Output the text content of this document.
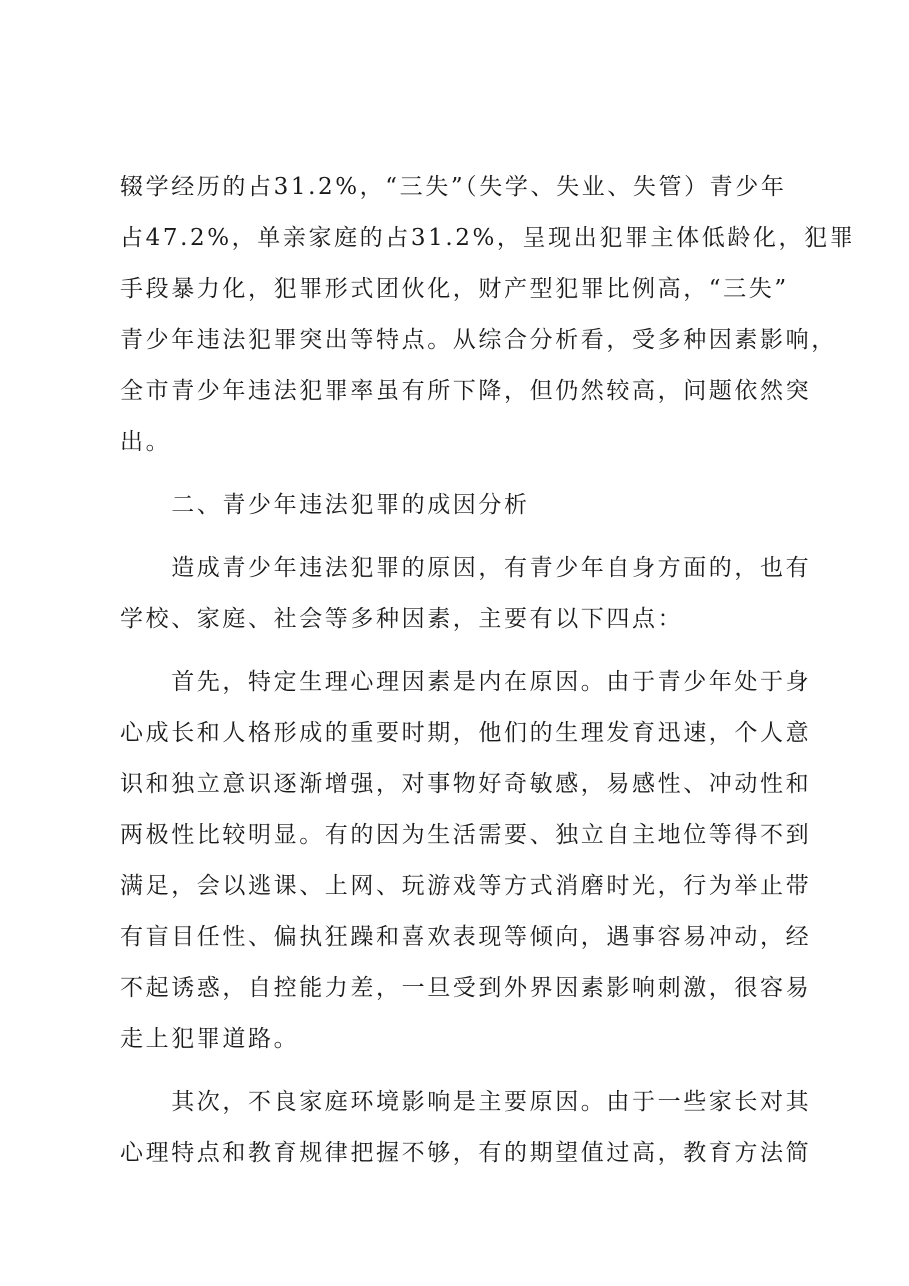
辍学经历的占31.2%，“三失”（失学、失业、失管）青少年
占47.2%，单亲家庭的占31.2%，呈现出犯罪主体低龄化，犯罪
手段暴力化，犯罪形式团伙化，财产型犯罪比例高，“三失”
青少年违法犯罪突出等特点。从综合分析看，受多种因素影响，
全市青少年违法犯罪率虽有所下降，但仍然较高，问题依然突
出。
　　二、青少年违法犯罪的成因分析
　　造成青少年违法犯罪的原因，有青少年自身方面的，也有
学校、家庭、社会等多种因素，主要有以下四点：
　　首先，特定生理心理因素是内在原因。由于青少年处于身
心成长和人格形成的重要时期，他们的生理发育迅速，个人意
识和独立意识逐渐增强，对事物好奇敏感，易感性、冲动性和
两极性比较明显。有的因为生活需要、独立自主地位等得不到
满足，会以逃课、上网、玩游戏等方式消磨时光，行为举止带
有盲目任性、偏执狂躁和喜欢表现等倾向，遇事容易冲动，经
不起诱惑，自控能力差，一旦受到外界因素影响刺激，很容易
走上犯罪道路。
　　其次，不良家庭环境影响是主要原因。由于一些家长对其
心理特点和教育规律把握不够，有的期望值过高，教育方法简
